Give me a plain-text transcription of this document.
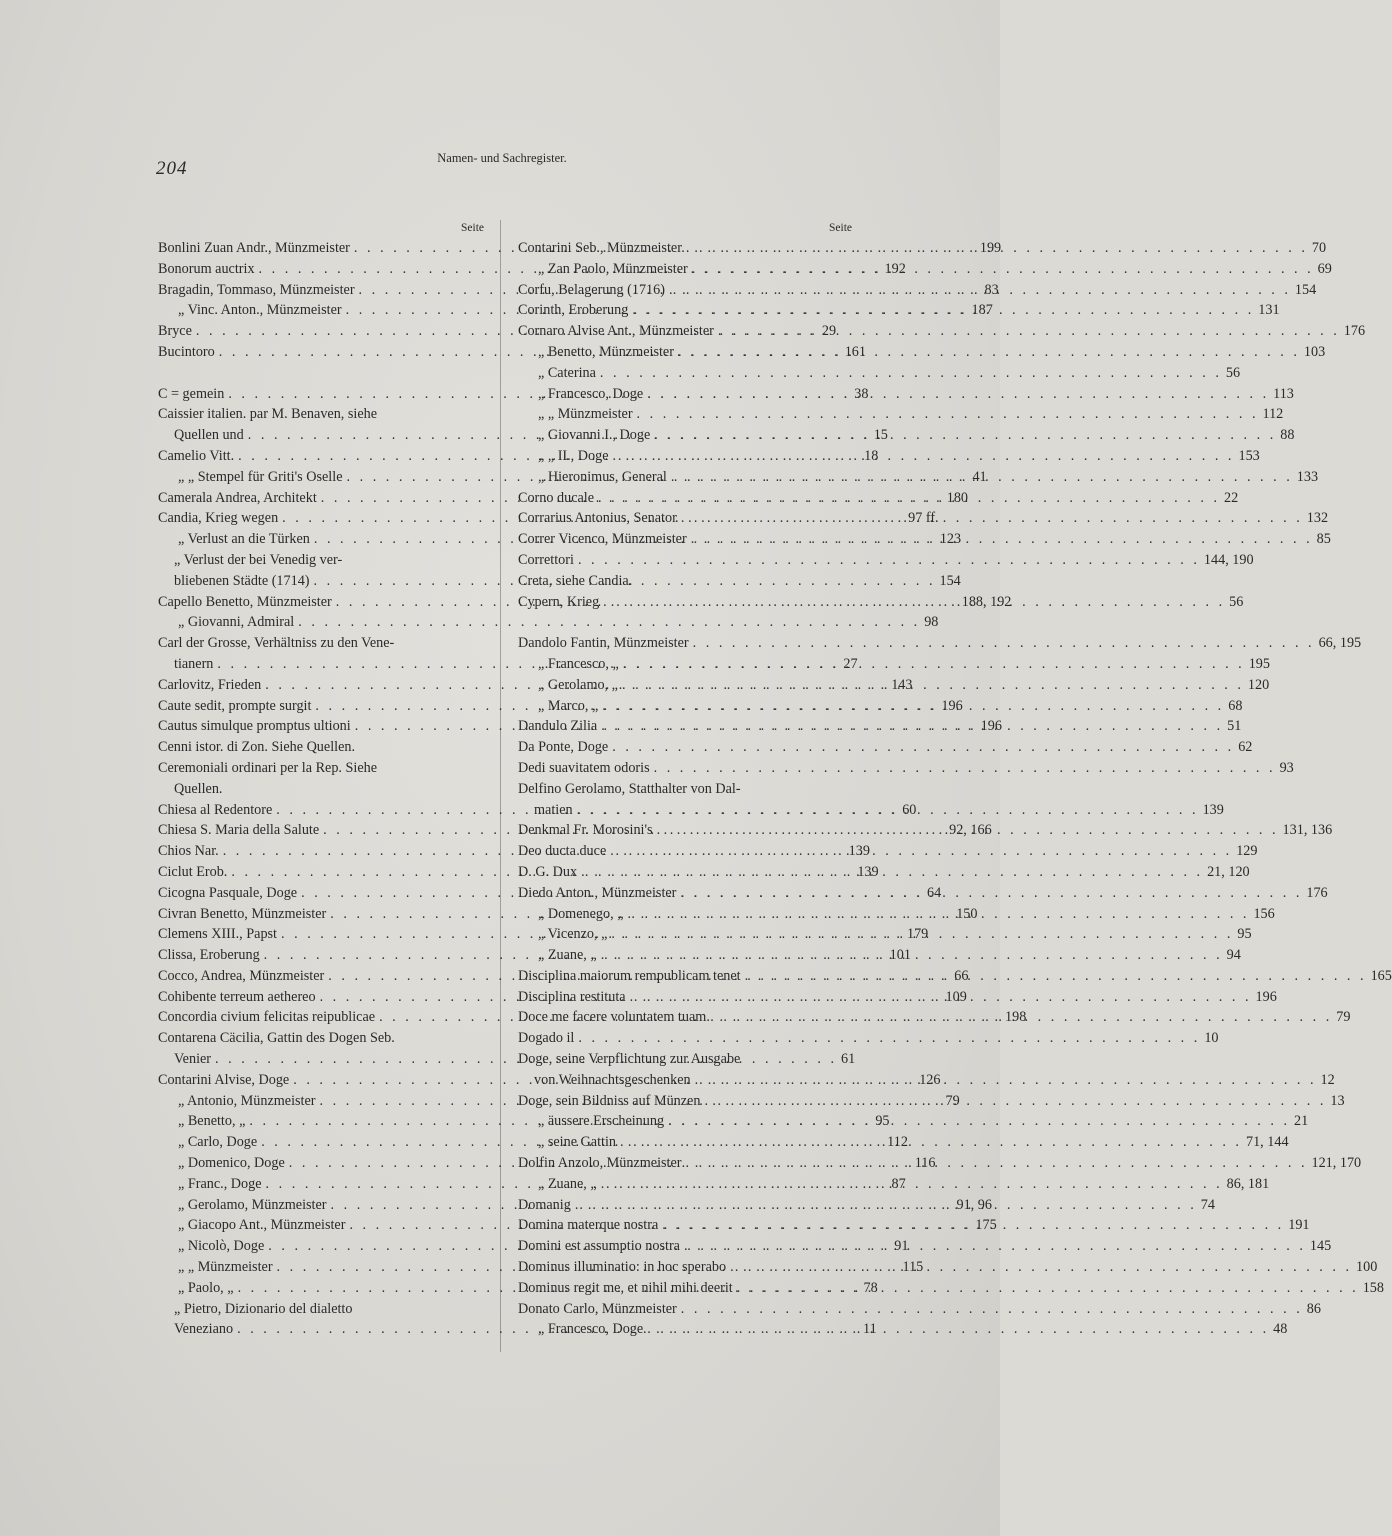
204	Namen- und Sachregister.
Seite
Bonlini Zuan Andr., Münzmeister . . .	199
Bonorum auctrix . . .	192
Bragadin, Tommaso, Münzmeister . . .	83
„ Vinc. Anton., Münzmeister . . .	187
Bryce . . .	29
Bucintoro . . .	161
C = gemein . . .	38
Caissier italien. par M. Benaven, siehe
Quellen und . . .	15
Camelio Vitt. . . .	18
„ „ Stempel für Griti's Oselle . . .	41
Camerala Andrea, Architekt . . .	180
Candia, Krieg wegen . . .	97 ff.
„ Verlust an die Türken . . .	123
„ Verlust der bei Venedig ver-
bliebenen Städte (1714) . . .	154
Capello Benetto, Münzmeister . . .	188, 192
„ Giovanni, Admiral . . .	98
Carl der Grosse, Verhältniss zu den Vene-
tianern . . .	27
Carlovitz, Frieden . . .	143
Caute sedit, prompte surgit . . .	196
Cautus simulque promptus ultioni . . .	196
Cenni istor. di Zon. Siehe Quellen.
Ceremoniali ordinari per la Rep. Siehe
Quellen.
Chiesa al Redentore . . .	60
Chiesa S. Maria della Salute . . .	92, 166
Chios Nar. . . .	139
Ciclut Erob. . . .	139
Cicogna Pasquale, Doge . . .	64
Civran Benetto, Münzmeister . . .	150
Clemens XIII., Papst . . .	179
Clissa, Eroberung . . .	101
Cocco, Andrea, Münzmeister . . .	66
Cohibente terreum aethereo . . .	109
Concordia civium felicitas reipublicae . . .	198
Contarena Cäcilia, Gattin des Dogen Seb.
Venier . . .	61
Contarini Alvise, Doge . . .	126
„ Antonio, Münzmeister . . .	79
„ Benetto, „ . . .	95
„ Carlo, Doge . . .	112
„ Domenico, Doge . . .	116
„ Franc., Doge . . .	87
„ Gerolamo, Münzmeister . . .	91, 96
„ Giacopo Ant., Münzmeister . . .	175
„ Nicolò, Doge . . .	91
„ „ Münzmeister . . .	115
„ Paolo, „ . . .	78
„ Pietro, Dizionario del dialetto
Veneziano . . .	11
Seite
Contarini Seb., Münzmeister . . .	70
„ Zan Paolo, Münzmeister . . .	69
Corfu, Belagerung (1716) . . .	154
Corinth, Eroberung . . .	131
Cornaro Alvise Ant., Münzmeister . . .	176
„ Benetto, Münzmeister . . .	103
„ Caterina . . .	56
„ Francesco, Doge . . .	113
„ „ Münzmeister . . .	112
„ Giovanni I., Doge . . .	88
„ „ II., Doge . . .	153
„ Hieronimus, General . . .	133
Corno ducale . . .	22
Corrarius Antonius, Senator . . .	132
Correr Vicenco, Münzmeister . . .	85
Correttori . . .	144, 190
Creta, siehe Candia.
Cypern, Krieg . . .	56
Dandolo Fantin, Münzmeister . . .	66, 195
„ Francesco, „ . . .	195
„ Gerolamo, „ . . .	120
„ Marco, „ . . .	68
Dandulo Zilia . . .	51
Da Ponte, Doge . . .	62
Dedi suavitatem odoris . . .	93
Delfino Gerolamo, Statthalter von Dal-
matien . . .	139
Denkmal Fr. Morosini's . . .	131, 136
Deo ducta duce . . .	129
D. G. Dux . . .	21, 120
Diedo Anton., Münzmeister . . .	176
„ Domenego, „ . . .	156
„ Vicenzo, „ . . .	95
„ Zuane, „ . . .	94
Disciplina maiorum rempublicam tenet . . .	165
Disciplina restituta . . .	196
Doce me facere voluntatem tuam . . .	79
Dogado il . . .	10
Doge, seine Verpflichtung zur Ausgabe
von Weihnachtsgeschenken . . .	12
Doge, sein Bildniss auf Münzen . . .	13
„ äussere Erscheinung . . .	21
„ seine Gattin . . .	71, 144
Dolfin Anzolo, Münzmeister . . .	121, 170
„ Zuane, „ . . .	86, 181
Domanig . . .	74
Domina materque nostra . . .	191
Domini est assumptio nostra . . .	145
Dominus illuminatio: in hoc sperabo . . .	100
Dominus regit me, et nihil mihi deerit . . .	158
Donato Carlo, Münzmeister . . .	86
„ Francesco, Doge . . .	48
